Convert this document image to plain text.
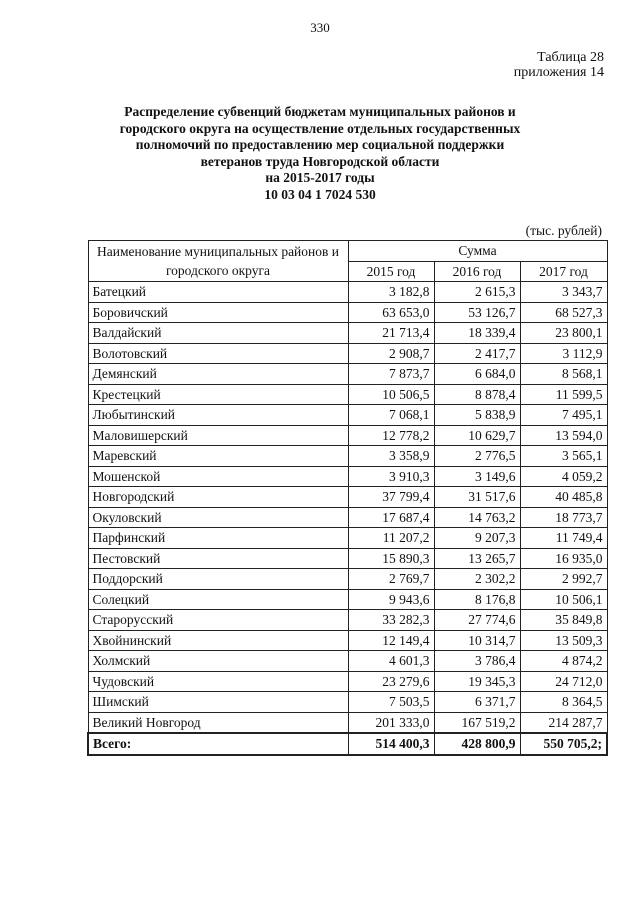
330
Таблица 28
приложения 14
Распределение субвенций бюджетам муниципальных районов и
городского округа на осуществление отдельных государственных
полномочий по предоставлению мер социальной поддержки
ветеранов труда Новгородской области
на 2015-2017 годы
10 03 04 1 7024 530
(тыс. рублей)
Наименование муниципальных районов и городского округа	Сумма		
	2015 год	2016 год	2017 год
Батецкий	3 182,8	2 615,3	3 343,7
Боровичский	63 653,0	53 126,7	68 527,3
Валдайский	21 713,4	18 339,4	23 800,1
Волотовский	2 908,7	2 417,7	3 112,9
Демянский	7 873,7	6 684,0	8 568,1
Крестецкий	10 506,5	8 878,4	11 599,5
Любытинский	7 068,1	5 838,9	7 495,1
Маловишерский	12 778,2	10 629,7	13 594,0
Маревский	3 358,9	2 776,5	3 565,1
Мошенской	3 910,3	3 149,6	4 059,2
Новгородский	37 799,4	31 517,6	40 485,8
Окуловский	17 687,4	14 763,2	18 773,7
Парфинский	11 207,2	9 207,3	11 749,4
Пестовский	15 890,3	13 265,7	16 935,0
Поддорский	2 769,7	2 302,2	2 992,7
Солецкий	9 943,6	8 176,8	10 506,1
Старорусский	33 282,3	27 774,6	35 849,8
Хвойнинский	12 149,4	10 314,7	13 509,3
Холмский	4 601,3	3 786,4	4 874,2
Чудовский	23 279,6	19 345,3	24 712,0
Шимский	7 503,5	6 371,7	8 364,5
Великий Новгород	201 333,0	167 519,2	214 287,7
Всего:	514 400,3	428 800,9	550 705,2;
